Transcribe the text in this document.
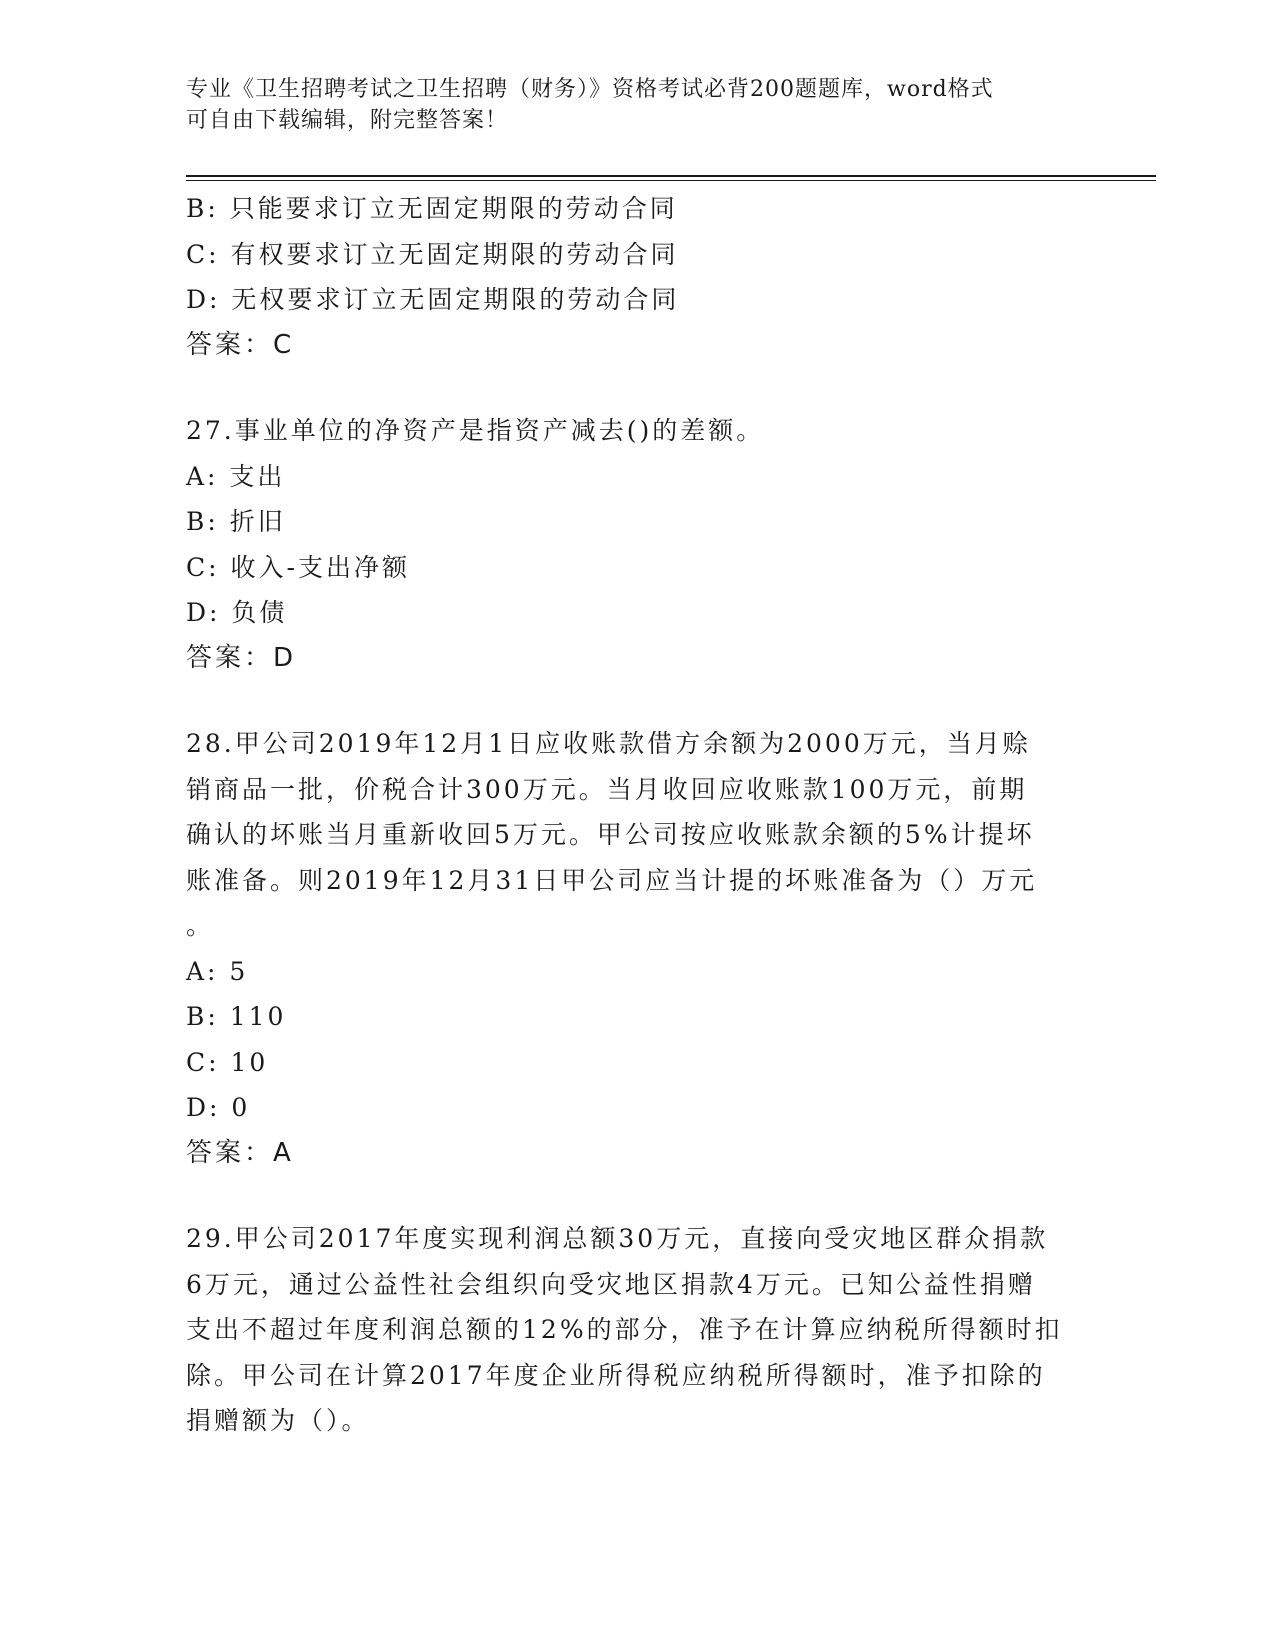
专业《卫生招聘考试之卫生招聘（财务）》资格考试必背200题题库，word格式
可自由下载编辑，附完整答案！
B: 只能要求订立无固定期限的劳动合同
C: 有权要求订立无固定期限的劳动合同
D: 无权要求订立无固定期限的劳动合同
答案：C
27.事业单位的净资产是指资产减去()的差额。
A: 支出
B: 折旧
C: 收入-支出净额
D: 负债
答案：D
28.甲公司2019年12月1日应收账款借方余额为2000万元，当月赊
销商品一批，价税合计300万元。当月收回应收账款100万元，前期
确认的坏账当月重新收回5万元。甲公司按应收账款余额的5%计提坏
账准备。则2019年12月31日甲公司应当计提的坏账准备为（）万元
。
A: 5
B: 110
C: 10
D: 0
答案：A
29.甲公司2017年度实现利润总额30万元，直接向受灾地区群众捐款
6万元，通过公益性社会组织向受灾地区捐款4万元。已知公益性捐赠
支出不超过年度利润总额的12%的部分，准予在计算应纳税所得额时扣
除。甲公司在计算2017年度企业所得税应纳税所得额时，准予扣除的
捐赠额为（）。
